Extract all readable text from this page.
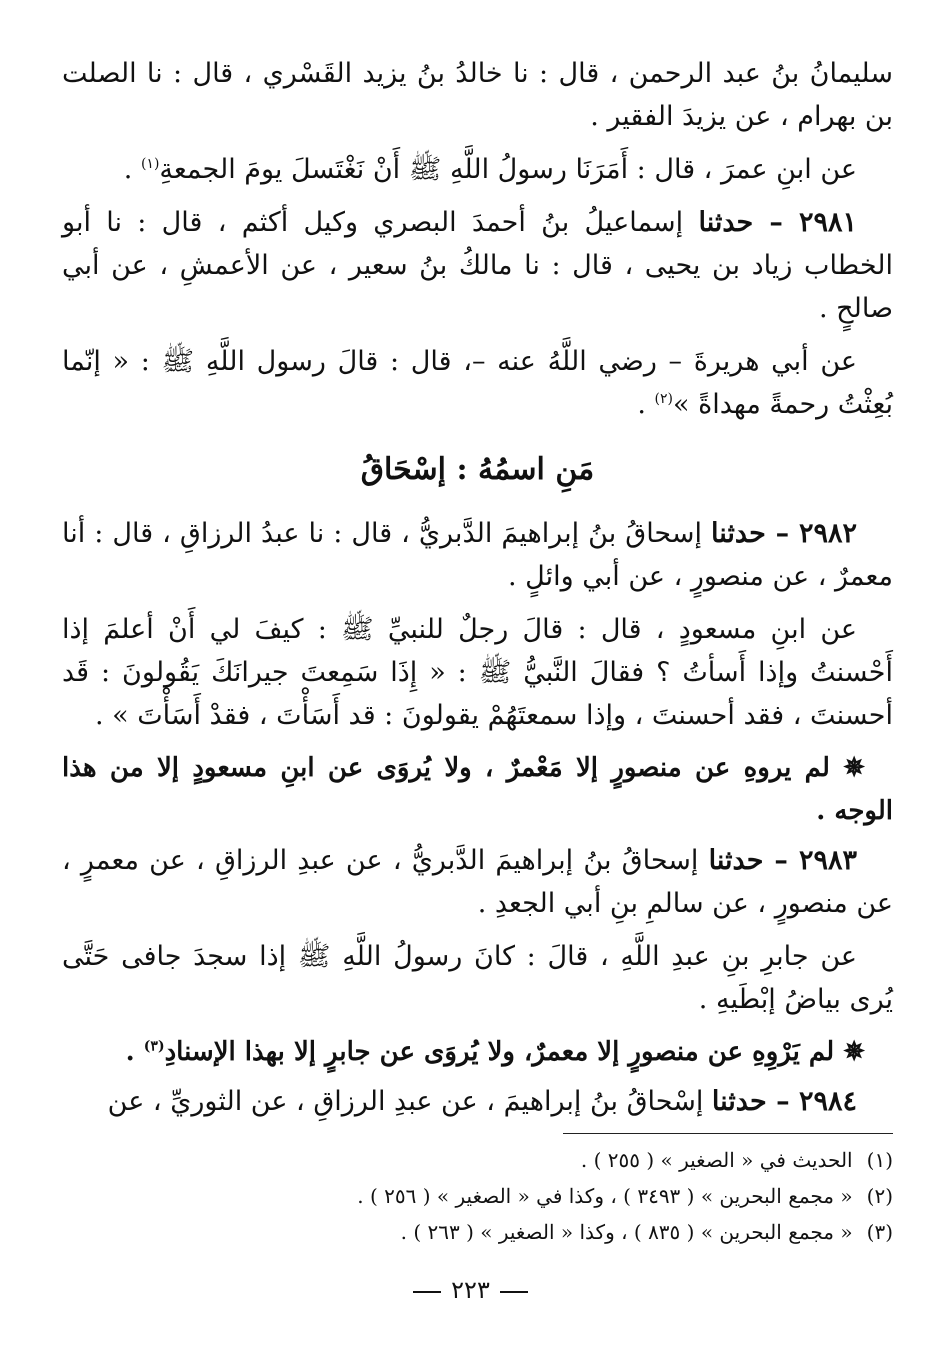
سليمانُ بنُ عبد الرحمن ، قال : نا خالدُ بنُ يزيد القَسْري ، قال : نا الصلت بن بهرام ، عن يزيدَ الفقير .

عن ابنِ عمرَ ، قال : أَمَرَنَا رسولُ اللَّهِ ﷺ أَنْ نَغْتَسلَ يومَ الجمعةِ$^{(١)}$ .

٢٩٨١ – حدثنا إسماعيلُ بنُ أحمدَ البصري وكيل أكثم ، قال : نا أبو الخطاب زياد بن يحيى ، قال : نا مالكُ بنُ سعير ، عن الأعمشِ ، عن أبي صالحٍ .

عن أبي هريرةَ – رضي اللَّهُ عنه –، قال : قالَ رسول اللَّهِ ﷺ : « إنّما بُعِثْتُ رحمةً مهداةً »$^{(٢)}$ .

مَنِ اسمُهُ : إسْحَاقُ

٢٩٨٢ – حدثنا إسحاقُ بنُ إبراهيمَ الدَّبريُّ ، قال : نا عبدُ الرزاقِ ، قال : أنا معمرٌ ، عن منصورٍ ، عن أبي وائلٍ .

عن ابنِ مسعودٍ ، قال : قالَ رجلٌ للنبيِّ ﷺ : كيفَ لي أَنْ أعلمَ إذا أَحْسنتُ وإذا أَسأتُ ؟ فقالَ النَّبيُّ ﷺ : « إِذَا سَمِعتَ جيرانَكَ يَقُولونَ : قَد أحسنتَ ، فقد أحسنتَ ، وإذا سمعتَهُمْ يقولونَ : قد أَسَأْتَ ، فقدْ أَسَأْتَ » .

✵ لم يروهِ عن منصورٍ إلا مَعْمرٌ ، ولا يُروَى عن ابنِ مسعودٍ إلا من هذا الوجه .

٢٩٨٣ – حدثنا إسحاقُ بنُ إبراهيمَ الدَّبريُّ ، عن عبدِ الرزاقِ ، عن معمرٍ ، عن منصورٍ ، عن سالمِ بنِ أبي الجعدِ .

عن جابرِ بنِ عبدِ اللَّهِ ، قالَ : كانَ رسولُ اللَّهِ ﷺ إذا سجدَ جافى حَتَّى يُرى بياضُ إبْطَيهِ .

✵ لم يَرْوِهِ عن منصورٍ إلا معمرٌ، ولا يُروَى عن جابرٍ إلا بهذا الإسنادِ$^{(٣)}$ .

٢٩٨٤ – حدثنا إسْحاقُ بنُ إبراهيمَ ، عن عبدِ الرزاقِ ، عن الثوريِّ ، عن

(١)الحديث في « الصغير » ( ٢٥٥ ) .

(٢)« مجمع البحرين » ( ٣٤٩٣ ) ، وكذا في « الصغير » ( ٢٥٦ ) .

(٣)« مجمع البحرين » ( ٨٣٥ ) ، وكذا « الصغير » ( ٢٦٣ ) .

٢٢٣
